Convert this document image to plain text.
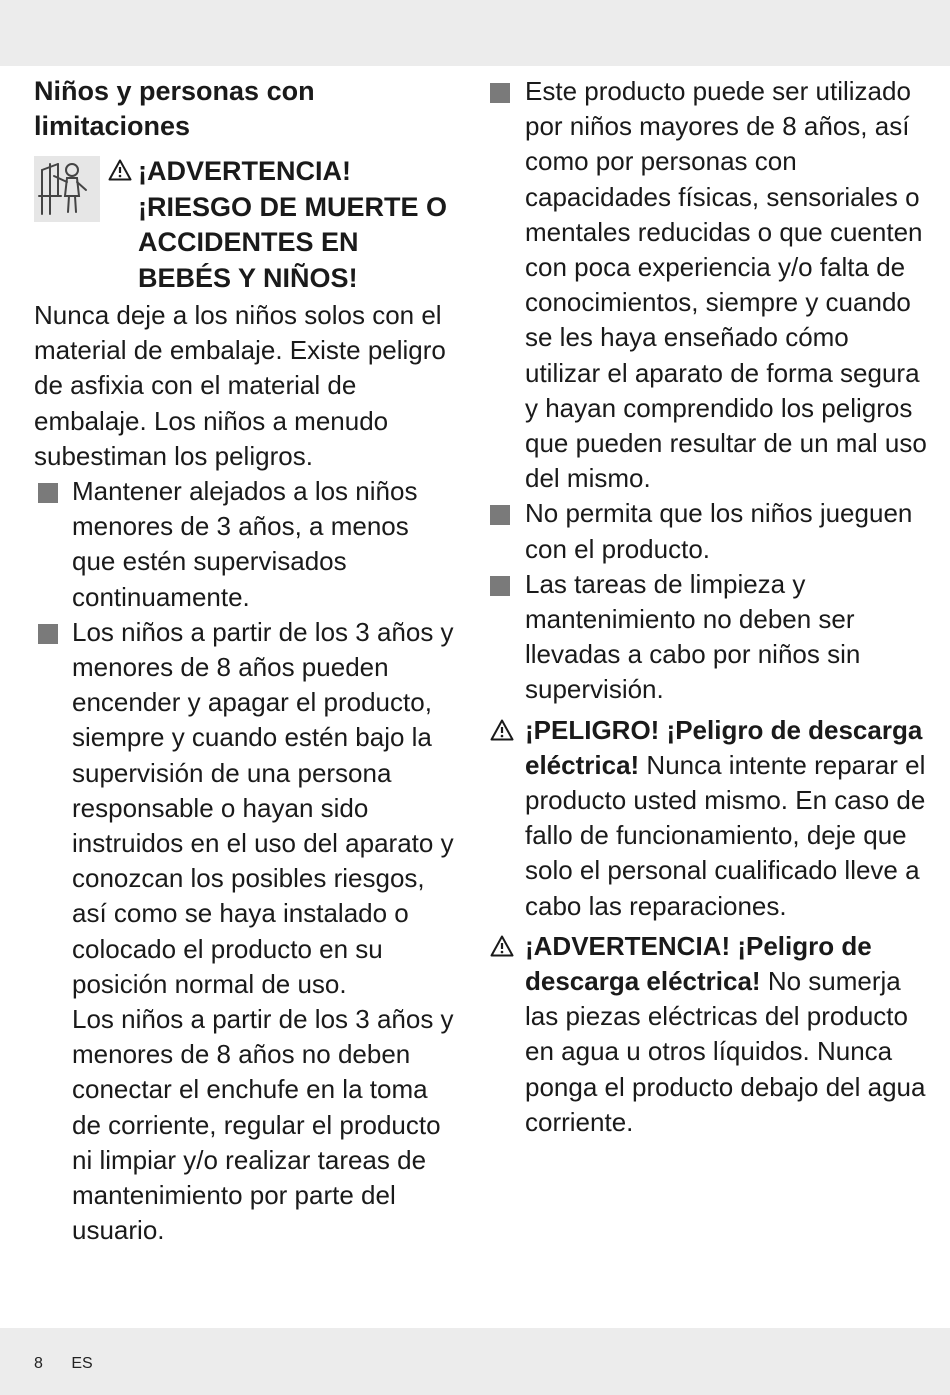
Niños y personas con limitaciones
¡ADVERTENCIA! ¡RIESGO DE MUERTE O ACCIDENTES EN BEBÉS Y NIÑOS!

Nunca deje a los niños solos con el material de embalaje. Existe peligro de asfixia con el material de embalaje. Los niños a menudo subestiman los peligros.

Mantener alejados a los niños menores de 3 años, a menos que estén supervisados continuamente.
Los niños a partir de los 3 años y menores de 8 años pueden encender y apagar el producto, siempre y cuando estén bajo la supervisión de una persona responsable o hayan sido instruidos en el uso del aparato y conozcan los posibles riesgos, así como se haya instalado o colocado el producto en su posición normal de uso.

Los niños a partir de los 3 años y menores de 8 años no deben conectar el enchufe en la toma de corriente, regular el producto ni limpiar y/o realizar tareas de mantenimiento por parte del usuario.

Este producto puede ser utilizado por niños mayores de 8 años, así como por personas con capacidades físicas, sensoriales o mentales reducidas o que cuenten con poca experiencia y/o falta de conocimientos, siempre y cuando se les haya enseñado cómo utilizar el aparato de forma segura y hayan comprendido los peligros que pueden resultar de un mal uso del mismo.
No permita que los niños jueguen con el producto.
Las tareas de limpieza y mantenimiento no deben ser llevadas a cabo por niños sin supervisión.
¡PELIGRO! ¡Peligro de descarga eléctrica! Nunca intente reparar el producto usted mismo. En caso de fallo de funcionamiento, deje que solo el personal cualificado lleve a cabo las reparaciones.
¡ADVERTENCIA! ¡Peligro de descarga eléctrica! No sumerja las piezas eléctricas del producto en agua u otros líquidos. Nunca ponga el producto debajo del agua corriente.
8 ES
